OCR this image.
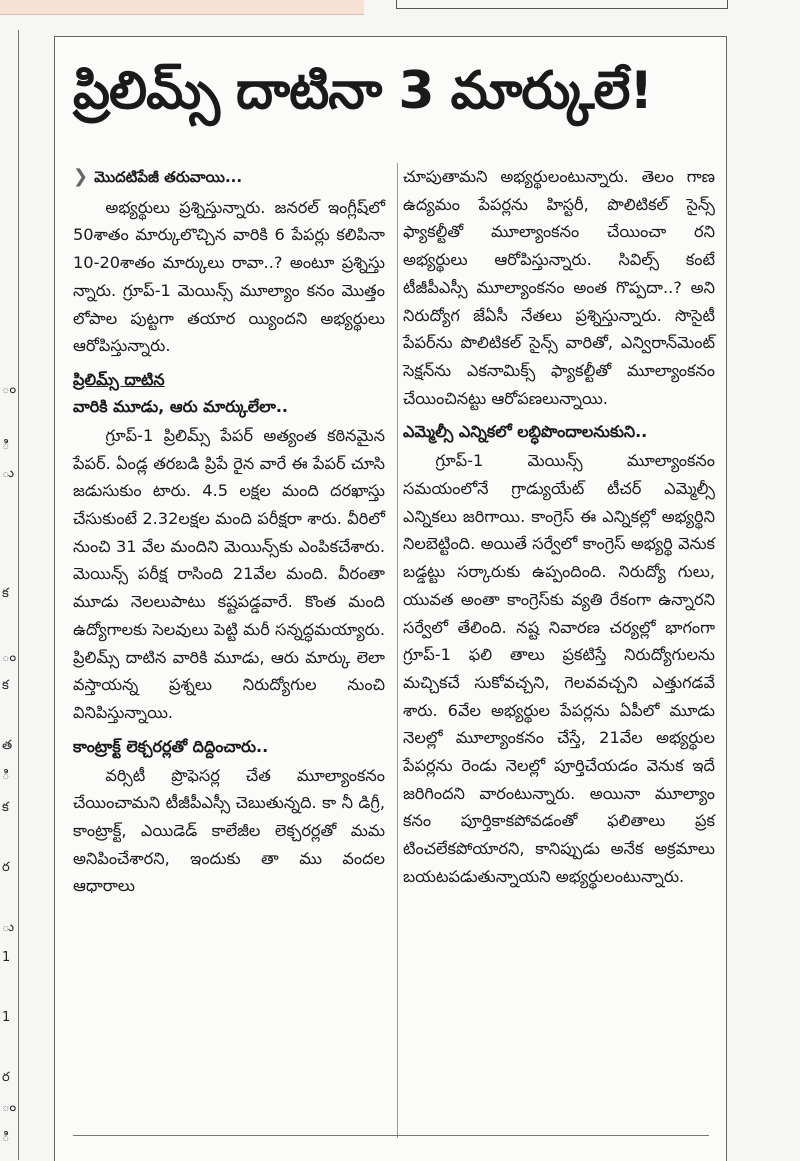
ం
ి
ు
క
ం
క
త
ి
క
ర
ు
1
1
ర
ం
ి
ప్రిలిమ్స్ దాటినా 3 మార్కులే!
❯ మొదటిపేజీ తరువాయి...

అభ్యర్థులు ప్రశ్నిస్తున్నారు. జనరల్ ఇంగ్లీష్‌లో 50శాతం మార్కులొచ్చిన వారికి 6 పేపర్లు కలిపినా 10-20శాతం మార్కులు రావా..? అంటూ ప్రశ్నిస్తు న్నారు. గ్రూప్-1 మెయిన్స్ మూల్యాం కనం మొత్తం లోపాల పుట్టగా తయార య్యిందని అభ్యర్థులు ఆరోపిస్తున్నారు.

ప్రిలిమ్స్ దాటిన
వారికి మూడు, ఆరు మార్కులేలా..

గ్రూప్-1 ప్రిలిమ్స్ పేపర్ అత్యంత కఠినమైన పేపర్. ఏండ్ల తరబడి ప్రిపే రైన వారే ఈ పేపర్ చూసి జడుసుకుం టారు. 4.5 లక్షల మంది దరఖాస్తు చేసుకుంటే 2.32లక్షల మంది పరీక్షరా శారు. వీరిలో నుంచి 31 వేల మందిని మెయిన్స్‌కు ఎంపికచేశారు. మెయిన్స్ పరీక్ష రాసింది 21వేల మంది. వీరంతా మూడు నెలలుపాటు కష్టపడ్డవారే. కొంత మంది ఉద్యోగాలకు సెలవులు పెట్టి మరీ సన్నద్ధమయ్యారు. ప్రిలిమ్స్ దాటిన వారికి మూడు, ఆరు మార్కు లెలా వస్తాయన్న ప్రశ్నలు నిరుద్యోగుల నుంచి వినిపిస్తున్నాయి.

కాంట్రాక్ట్ లెక్చరర్లతో దిద్దించారు..

వర్సిటీ ప్రొఫెసర్ల చేత మూల్యాంకనం చేయించామని టీజీపీఎస్సీ చెబుతున్నది. కా నీ డిగ్రీ, కాంట్రాక్ట్, ఎయిడెడ్ కాలేజీల లెక్చరర్లతో మమ అనిపించేశారని, ఇందుకు తా ము వందల ఆధారాలు

చూపుతామని అభ్యర్థులంటున్నారు. తెలం గాణ ఉద్యమం పేపర్లను హిస్టరీ, పొలిటికల్ సైన్స్ ఫ్యాకల్టీతో మూల్యాంకనం చేయించా రని అభ్యర్థులు ఆరోపిస్తున్నారు. సివిల్స్ కంటే టీజీపీఎస్సీ మూల్యాంకనం అంత గొప్పదా..? అని నిరుద్యోగ జేఏసీ నేతలు ప్రశ్నిస్తున్నారు. సొసైటీ పేపర్‌ను పొలిటికల్ సైన్స్ వారితో, ఎన్విరాన్‌మెంట్ సెక్షన్‌ను ఎకనామిక్స్ ఫ్యాకల్టీతో మూల్యాంకనం చేయించినట్టు ఆరోపణలున్నాయి.

ఎమ్మెల్సీ ఎన్నికలో లబ్ధిపొందాలనుకుని..

గ్రూప్-1 మెయిన్స్ మూల్యాంకనం సమయంలోనే గ్రాడ్యుయేట్ టీచర్ ఎమ్మెల్సీ ఎన్నికలు జరిగాయి. కాంగ్రెస్ ఈ ఎన్నికల్లో అభ్యర్థిని నిలబెట్టింది. అయితే సర్వేలో కాంగ్రెస్ అభ్యర్థి వెనుక బడ్డట్టు సర్కారుకు ఉప్పందింది. నిరుద్యో గులు, యువత అంతా కాంగ్రెస్‌కు వ్యతి రేకంగా ఉన్నారని సర్వేలో తేలింది. నష్ట నివారణ చర్యల్లో భాగంగా గ్రూప్-1 ఫలి తాలు ప్రకటిస్తే నిరుద్యోగులను మచ్చికచే సుకోవచ్చని, గెలవవచ్చని ఎత్తుగడవే శారు. 6వేల అభ్యర్థుల పేపర్లను ఏపీలో మూడు నెలల్లో మూల్యాంకనం చేస్తే, 21వేల అభ్యర్థుల పేపర్లను రెండు నెలల్లో పూర్తిచేయడం వెనుక ఇదే జరిగిందని వారంటున్నారు. అయినా మూల్యాం కనం పూర్తికాకపోవడంతో ఫలితాలు ప్రక టించలేకపోయారని, కానిప్పుడు అనేక అక్రమాలు బయటపడుతున్నాయని అభ్యర్థులంటున్నారు.
